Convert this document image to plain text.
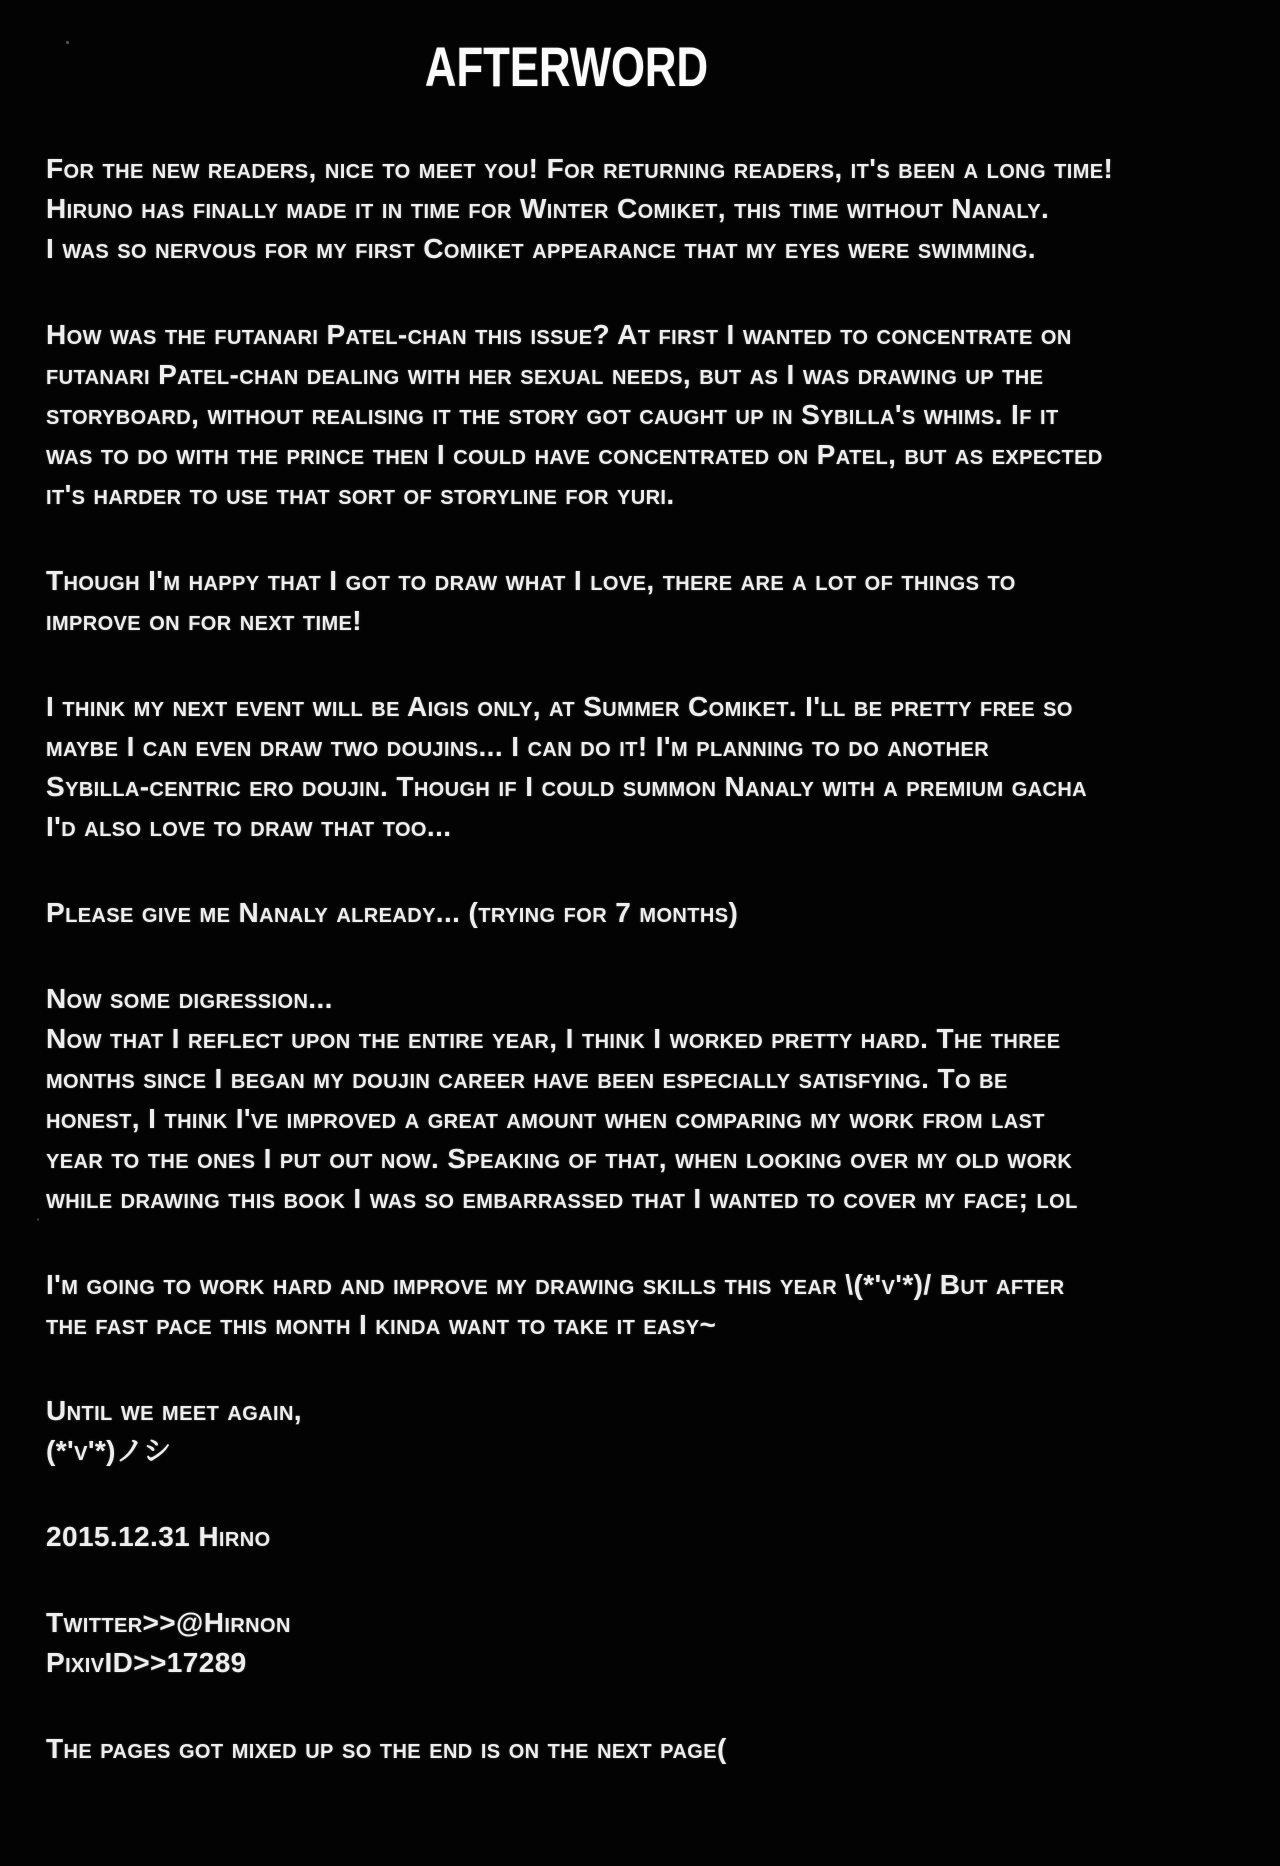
AFTERWORD
For the new readers, nice to meet you! For returning readers, it's been a long time!
Hiruno has finally made it in time for Winter Comiket, this time without Nanaly.
I was so nervous for my first Comiket appearance that my eyes were swimming.
How was the futanari Patel-chan this issue? At first I wanted to concentrate on
futanari Patel-chan dealing with her sexual needs, but as I was drawing up the
storyboard, without realising it the story got caught up in Sybilla's whims. If it
was to do with the prince then I could have concentrated on Patel, but as expected
it's harder to use that sort of storyline for yuri.
Though I'm happy that I got to draw what I love, there are a lot of things to
improve on for next time!
I think my next event will be Aigis only, at Summer Comiket. I'll be pretty free so
maybe I can even draw two doujins... I can do it! I'm planning to do another
Sybilla-centric ero doujin. Though if I could summon Nanaly with a premium gacha
I'd also love to draw that too...
Please give me Nanaly already... (trying for 7 months)
Now some digression...
Now that I reflect upon the entire year, I think I worked pretty hard. The three
months since I began my doujin career have been especially satisfying. To be
honest, I think I've improved a great amount when comparing my work from last
year to the ones I put out now. Speaking of that, when looking over my old work
while drawing this book I was so embarrassed that I wanted to cover my face; lol
I'm going to work hard and improve my drawing skills this year \(*'v'*)/ But after
the fast pace this month I kinda want to take it easy~
Until we meet again,
(*'v'*)ノシ
2015.12.31 Hirno
Twitter>>@Hirnon
PixivID>>17289
The pages got mixed up so the end is on the next page(
